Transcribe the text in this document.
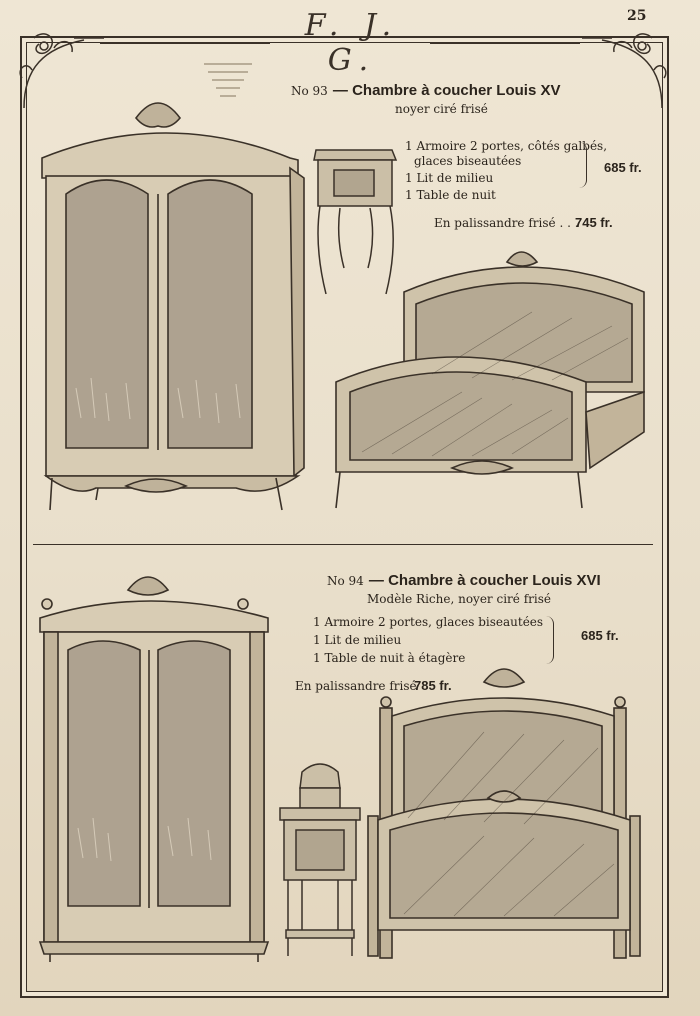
F. J. G.
25
No 93 — Chambre à coucher Louis XV
noyer ciré frisé
1 Armoire 2 portes, côtés galbés,
glaces biseautées
1 Lit de milieu
1 Table de nuit
685 fr.
En palissandre frisé . . .
745 fr.
No 94 — Chambre à coucher Louis XVI
Modèle Riche, noyer ciré frisé
1 Armoire 2 portes, glaces biseautées
1 Lit de milieu
1 Table de nuit à étagère
685 fr.
En palissandre frisé
785 fr.
